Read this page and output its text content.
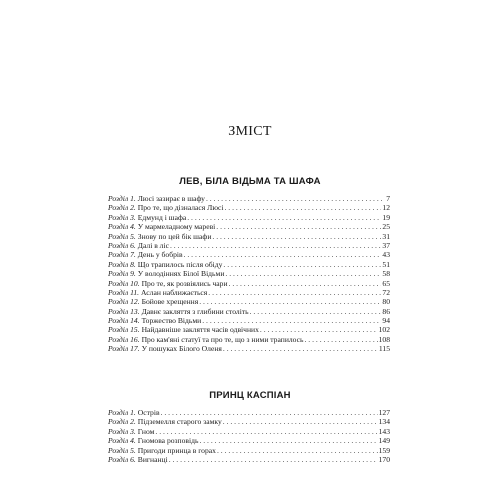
ЗМІСТ
ЛЕВ, БІЛА ВІДЬМА ТА ШАФА
Розділ 1. Люсі зазирає в шафу . . .	7
Розділ 2. Про те, що дізналася Люсі . . .	12
Розділ 3. Едмунд і шафа . . .	19
Розділ 4. У мармеладному мареві . . .	25
Розділ 5. Знову по цей бік шафи . . .	31
Розділ 6. Далі в ліс . . .	37
Розділ 7. День у бобрів . . .	43
Розділ 8. Що трапилось після обіду . . .	51
Розділ 9. У володіннях Білої Відьми . . .	58
Розділ 10. Про те, як розвіялись чари . . .	65
Розділ 11. Аслан наближається . . .	72
Розділ 12. Бойове хрещення . . .	80
Розділ 13. Давнє закляття з глибини століть . . .	86
Розділ 14. Торжество Відьми . . .	94
Розділ 15. Найдавніше закляття часів одвічних . . .	102
Розділ 16. Про кам'яні статуї та про те, що з ними трапилось . . .	108
Розділ 17. У пошуках Білого Оленя . . .	115
ПРИНЦ КАСПІАН
Розділ 1. Острів . . .	127
Розділ 2. Підземелля старого замку . . .	134
Розділ 3. Гном . . .	143
Розділ 4. Гномова розповідь . . .	149
Розділ 5. Пригоди принца в горах . . .	159
Розділ 6. Вигнанці . . .	170
